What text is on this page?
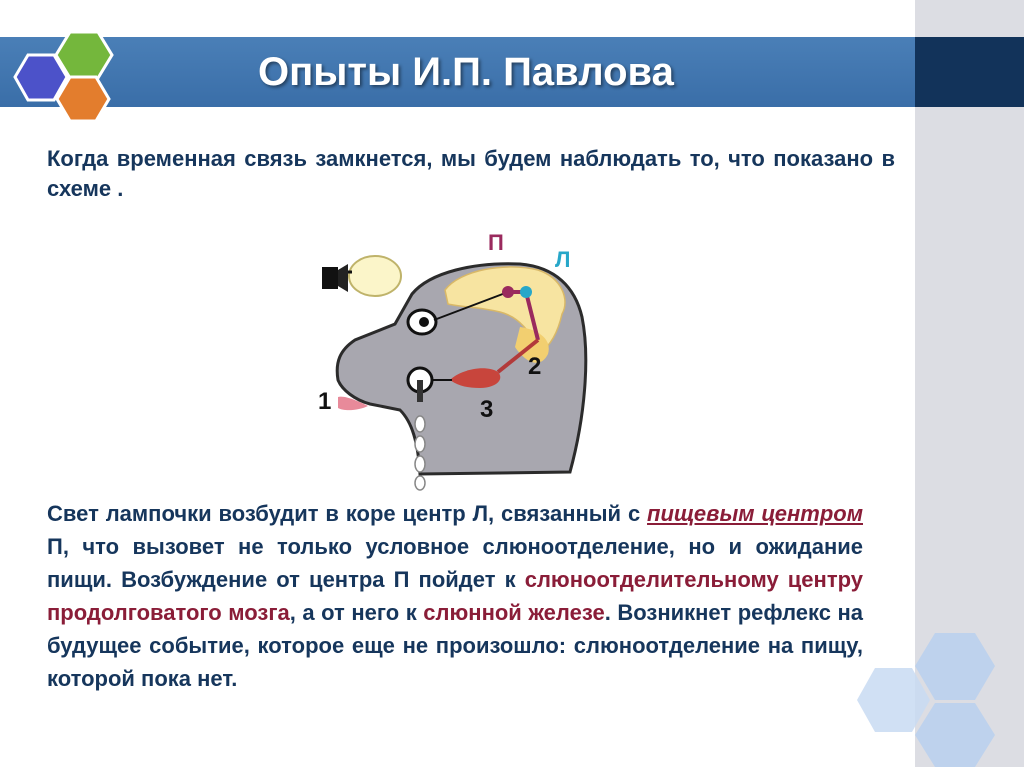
Опыты И.П. Павлова

Когда временная связь замкнется, мы будем наблюдать то, что показано в схеме .

П
Л
1
2
3

Свет лампочки возбудит в коре центр Л, связанный с пищевым центром П, что вызовет не только условное слюноотделение, но и ожидание пищи. Возбуждение от центра П пойдет к слюноотделительному центру продолговатого мозга, а от него к слюнной железе. Возникнет рефлекс на будущее событие, которое еще не произошло: слюноотделение на пищу, которой пока нет.
